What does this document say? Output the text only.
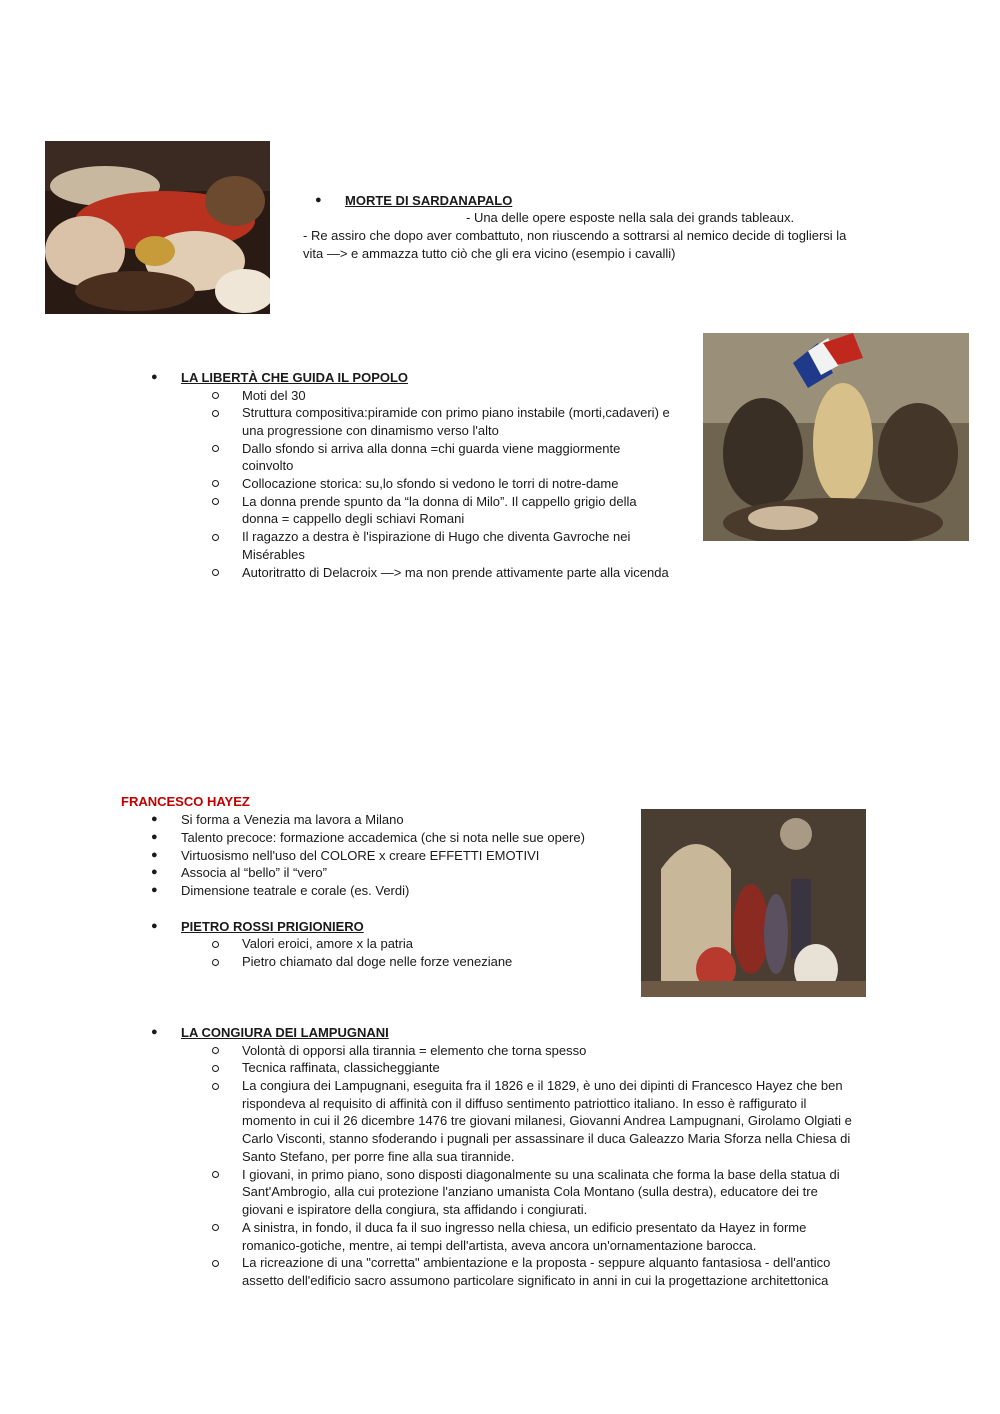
● MORTE DI SARDANAPALO
- Una delle opere esposte nella sala dei grands tableaux.
- Re assiro che dopo aver combattuto, non riuscendo a sottrarsi al nemico decide di togliersi la
vita —> e ammazza tutto ciò che gli era vicino (esempio i cavalli)
● LA LIBERTÀ CHE GUIDA IL POPOLO
Moti del 30
Struttura compositiva:piramide con primo piano instabile (morti,cadaveri) e
una progressione con dinamismo verso l'alto
Dallo sfondo si arriva alla donna =chi guarda viene maggiormente
coinvolto
Collocazione storica: su,lo sfondo si vedono le torri di notre-dame
La donna prende spunto da “la donna di Milo”. Il cappello grigio della
donna = cappello degli schiavi Romani
Il ragazzo a destra è l'ispirazione di Hugo che diventa Gavroche nei
Misérables
Autoritratto di Delacroix —> ma non prende attivamente parte alla vicenda
FRANCESCO HAYEZ
● Si forma a Venezia ma lavora a Milano
● Talento precoce: formazione accademica (che si nota nelle sue opere)
● Virtuosismo nell'uso del COLORE x creare EFFETTI EMOTIVI
● Associa al “bello” il “vero”
● Dimensione teatrale e corale (es. Verdi)
● PIETRO ROSSI PRIGIONIERO
Valori eroici, amore x la patria
Pietro chiamato dal doge nelle forze veneziane
● LA CONGIURA DEI LAMPUGNANI
Volontà di opporsi alla tirannia = elemento che torna spesso
Tecnica raffinata, classicheggiante
La congiura dei Lampugnani, eseguita fra il 1826 e il 1829, è uno dei dipinti di Francesco Hayez che ben
rispondeva al requisito di affinità con il diffuso sentimento patriottico italiano. In esso è raffigurato il
momento in cui il 26 dicembre 1476 tre giovani milanesi, Giovanni Andrea Lampugnani, Girolamo Olgiati e
Carlo Visconti, stanno sfoderando i pugnali per assassinare il duca Galeazzo Maria Sforza nella Chiesa di
Santo Stefano, per porre fine alla sua tirannide.
I giovani, in primo piano, sono disposti diagonalmente su una scalinata che forma la base della statua di
Sant'Ambrogio, alla cui protezione l'anziano umanista Cola Montano (sulla destra), educatore dei tre
giovani e ispiratore della congiura, sta affidando i congiurati.
A sinistra, in fondo, il duca fa il suo ingresso nella chiesa, un edificio presentato da Hayez in forme
romanico-gotiche, mentre, ai tempi dell'artista, aveva ancora un'ornamentazione barocca.
La ricreazione di una "corretta" ambientazione e la proposta - seppure alquanto fantasiosa - dell'antico
assetto dell'edificio sacro assumono particolare significato in anni in cui la progettazione architettonica
